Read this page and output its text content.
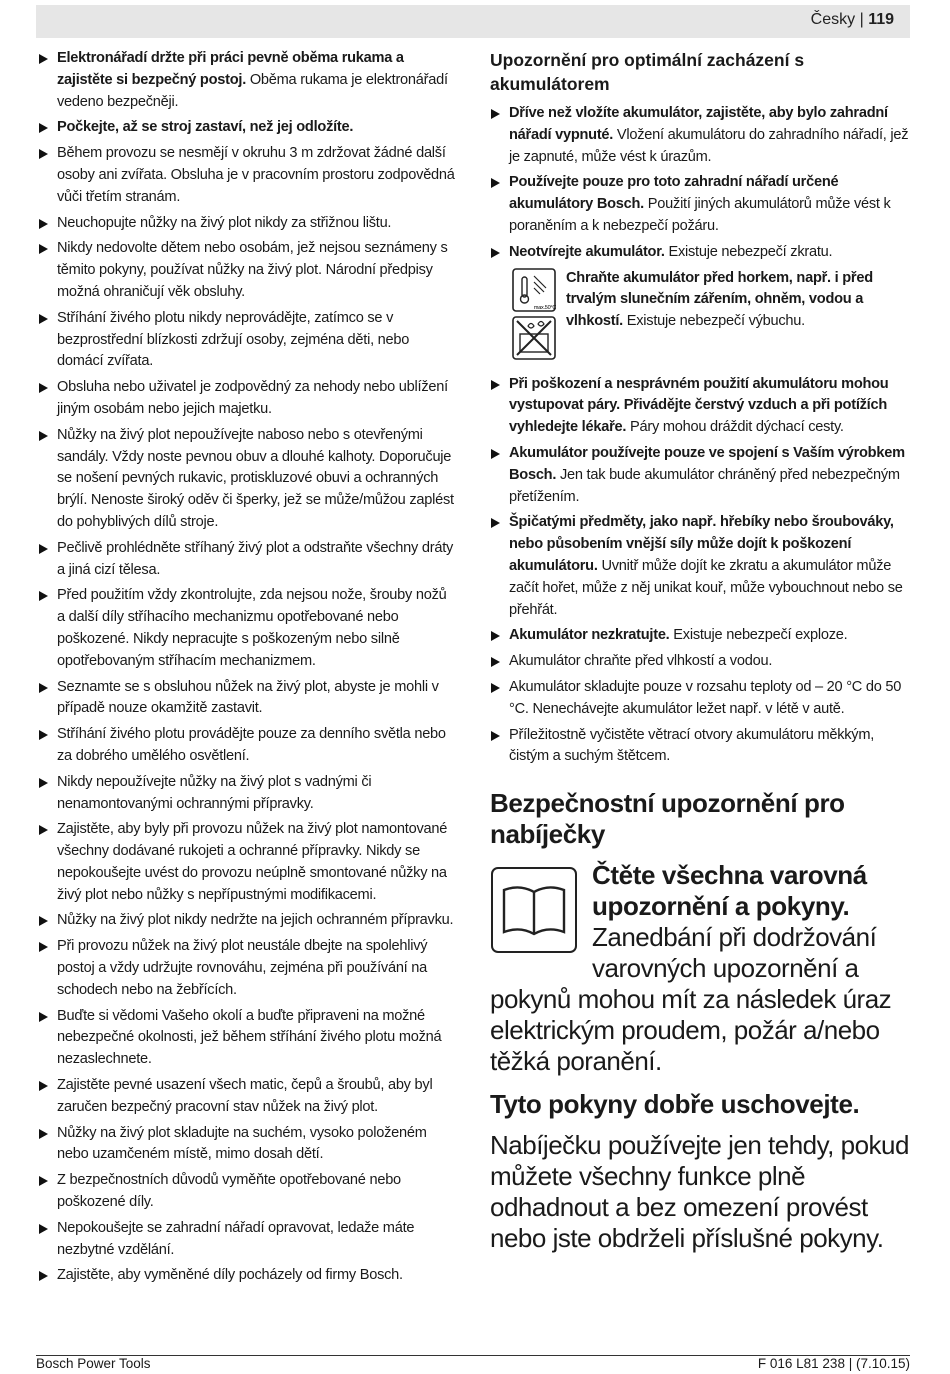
Česky | 119
Elektronářadí držte při práci pevně oběma rukama a zajistěte si bezpečný postoj. Oběma rukama je elektronářadí vedeno bezpečněji.
Počkejte, až se stroj zastaví, než jej odložíte.
Během provozu se nesmějí v okruhu 3 m zdržovat žádné další osoby ani zvířata. Obsluha je v pracovním prostoru zodpovědná vůči třetím stranám.
Neuchopujte nůžky na živý plot nikdy za střižnou lištu.
Nikdy nedovolte dětem nebo osobám, jež nejsou seznámeny s těmito pokyny, používat nůžky na živý plot. Národní předpisy možná ohraničují věk obsluhy.
Stříhání živého plotu nikdy neprovádějte, zatímco se v bezprostřední blízkosti zdržují osoby, zejména děti, nebo domácí zvířata.
Obsluha nebo uživatel je zodpovědný za nehody nebo ublížení jiným osobám nebo jejich majetku.
Nůžky na živý plot nepoužívejte naboso nebo s otevřenými sandály. Vždy noste pevnou obuv a dlouhé kalhoty. Doporučuje se nošení pevných rukavic, protiskluzové obuvi a ochranných brýlí. Nenoste široký oděv či šperky, jež se může/můžou zaplést do pohyblivých dílů stroje.
Pečlivě prohlédněte stříhaný živý plot a odstraňte všechny dráty a jiná cizí tělesa.
Před použitím vždy zkontrolujte, zda nejsou nože, šrouby nožů a další díly stříhacího mechanizmu opotřebované nebo poškozené. Nikdy nepracujte s poškozeným nebo silně opotřebovaným stříhacím mechanizmem.
Seznamte se s obsluhou nůžek na živý plot, abyste je mohli v případě nouze okamžitě zastavit.
Stříhání živého plotu provádějte pouze za denního světla nebo za dobrého umělého osvětlení.
Nikdy nepoužívejte nůžky na živý plot s vadnými či nenamontovanými ochrannými přípravky.
Zajistěte, aby byly při provozu nůžek na živý plot namontované všechny dodávané rukojeti a ochranné přípravky. Nikdy se nepokoušejte uvést do provozu neúplně smontované nůžky na živý plot nebo nůžky s nepřípustnými modifikacemi.
Nůžky na živý plot nikdy nedržte na jejich ochranném přípravku.
Při provozu nůžek na živý plot neustále dbejte na spolehlivý postoj a vždy udržujte rovnováhu, zejména při používání na schodech nebo na žebřících.
Buďte si vědomi Vašeho okolí a buďte připraveni na možné nebezpečné okolnosti, jež během stříhání živého plotu možná nezaslechnete.
Zajistěte pevné usazení všech matic, čepů a šroubů, aby byl zaručen bezpečný pracovní stav nůžek na živý plot.
Nůžky na živý plot skladujte na suchém, vysoko položeném nebo uzamčeném místě, mimo dosah dětí.
Z bezpečnostních důvodů vyměňte opotřebované nebo poškozené díly.
Nepokoušejte se zahradní nářadí opravovat, ledaže máte nezbytné vzdělání.
Zajistěte, aby vyměněné díly pocházely od firmy Bosch.
Upozornění pro optimální zacházení s akumulátorem
Dříve než vložíte akumulátor, zajistěte, aby bylo zahradní nářadí vypnuté. Vložení akumulátoru do zahradního nářadí, jež je zapnuté, může vést k úrazům.
Používejte pouze pro toto zahradní nářadí určené akumulátory Bosch. Použití jiných akumulátorů může vést k poraněním a k nebezpečí požáru.
Neotvírejte akumulátor. Existuje nebezpečí zkratu.
max.50°C
Chraňte akumulátor před horkem, např. i před trvalým slunečním zářením, ohněm, vodou a vlhkostí. Existuje nebezpečí výbuchu.
Při poškození a nesprávném použití akumulátoru mohou vystupovat páry. Přivádějte čerstvý vzduch a při potížích vyhledejte lékaře. Páry mohou dráždit dýchací cesty.
Akumulátor používejte pouze ve spojení s Vaším výrobkem Bosch. Jen tak bude akumulátor chráněný před nebezpečným přetížením.
Špičatými předměty, jako např. hřebíky nebo šroubováky, nebo působením vnější síly může dojít k poškození akumulátoru. Uvnitř může dojít ke zkratu a akumulátor může začít hořet, může z něj unikat kouř, může vybouchnout nebo se přehřát.
Akumulátor nezkratujte. Existuje nebezpečí exploze.
Akumulátor chraňte před vlhkostí a vodou.
Akumulátor skladujte pouze v rozsahu teploty od – 20 °C do 50 °C. Nenechávejte akumulátor ležet např. v létě v autě.
Příležitostně vyčistěte větrací otvory akumulátoru měkkým, čistým a suchým štětcem.
Bezpečnostní upozornění pro nabíječky
Čtěte všechna varovná upozornění a pokyny. Zanedbání při dodržování varovných upozornění a pokynů mohou mít za následek úraz elektrickým proudem, požár a/nebo těžká poranění.
Tyto pokyny dobře uschovejte.
Nabíječku používejte jen tehdy, pokud můžete všechny funkce plně odhadnout a bez omezení provést nebo jste obdrželi příslušné pokyny.
Bosch Power Tools	F 016 L81 238 | (7.10.15)
